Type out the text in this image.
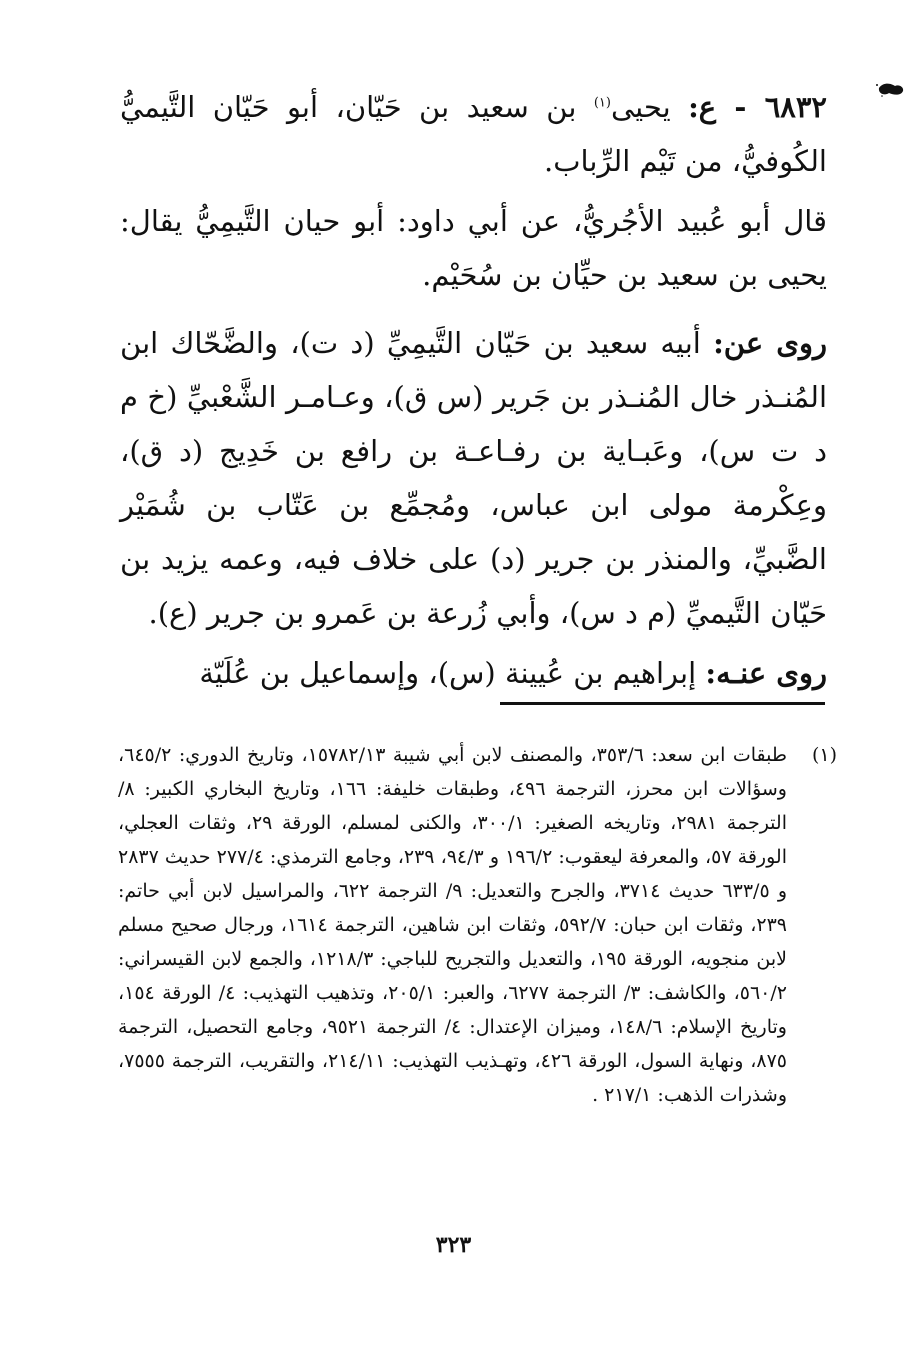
٦٨٣٢ - ع: يحيى$^{(١)}$ بن سعيد بن حَيّان، أبو حَيّان التَّيميُّ الكُوفيُّ، من تَيْم الرِّباب.

قال أبو عُبيد الأجُريُّ، عن أبي داود: أبو حيان التَّيمِيُّ يقال: يحيى بن سعيد بن حيِّان بن سُحَيْم.

روى عن: أبيه سعيد بن حَيّان التَّيمِيِّ (د ت)، والضَّحّاك ابن المُنـذر خال المُنـذر بن جَرير (س ق)، وعـامـر الشَّعْبيِّ (خ م د ت س)، وعَبـاية بن رفـاعـة بن رافع بن خَدِيج (د ق)، وعِكْرمة مولى ابن عباس، ومُجمِّع بن عَتّاب بن شُمَيْر الضَّبيِّ، والمنذر بن جرير (د) على خلاف فيه، وعمه يزيد بن حَيّان التَّيميِّ (م د س)، وأبي زُرعة بن عَمرو بن جرير (ع).

روى عنـه: إبراهيم بن عُيينة (س)، وإسماعيل بن عُلَيّة

(١)
طبقات ابن سعد: ٣٥٣/٦، والمصنف لابن أبي شيبة ١٥٧٨٢/١٣، وتاريخ الدوري: ٦٤٥/٢، وسؤالات ابن محرز، الترجمة ٤٩٦، وطبقات خليفة: ١٦٦، وتاريخ البخاري الكبير: ٨/ الترجمة ٢٩٨١، وتاريخه الصغير: ٣٠٠/١، والكنى لمسلم، الورقة ٢٩، وثقات العجلي، الورقة ٥٧، والمعرفة ليعقوب: ١٩٦/٢ و ٩٤/٣، ٢٣٩، وجامع الترمذي: ٢٧٧/٤ حديث ٢٨٣٧ و ٦٣٣/٥ حديث ٣٧١٤، والجرح والتعديل: ٩/ الترجمة ٦٢٢، والمراسيل لابن أبي حاتم: ٢٣٩، وثقات ابن حبان: ٥٩٢/٧، وثقات ابن شاهين، الترجمة ١٦١٤، ورجال صحيح مسلم لابن منجويه، الورقة ١٩٥، والتعديل والتجريح للباجي: ١٢١٨/٣، والجمع لابن القيسراني: ٥٦٠/٢، والكاشف: ٣/ الترجمة ٦٢٧٧، والعبر: ٢٠٥/١، وتذهيب التهذيب: ٤/ الورقة ١٥٤، وتاريخ الإسلام: ١٤٨/٦، وميزان الإعتدال: ٤/ الترجمة ٩٥٢١، وجامع التحصيل، الترجمة ٨٧٥، ونهاية السول، الورقة ٤٢٦، وتهـذيب التهذيب: ٢١٤/١١، والتقريب، الترجمة ٧٥٥٥، وشذرات الذهب: ٢١٧/١ .
٣٢٣
